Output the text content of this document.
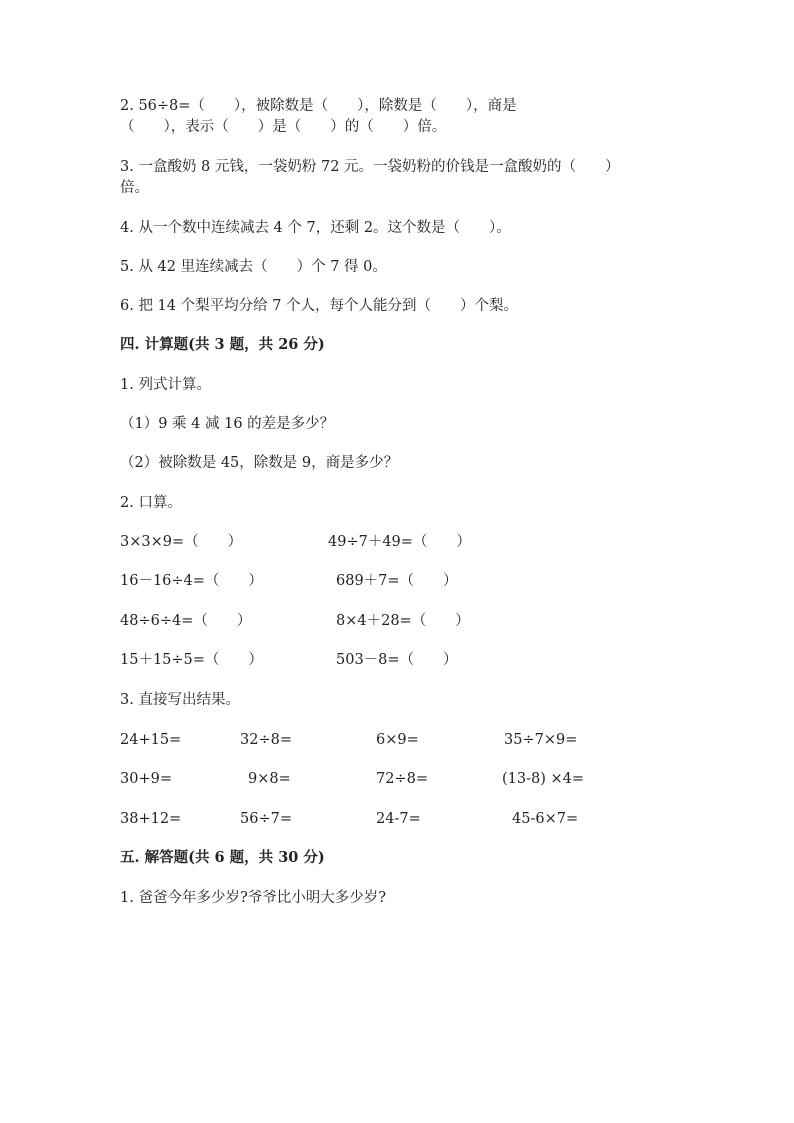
2. 56÷8=（　　），被除数是（　　），除数是（　　），商是
（　　），表示（　　）是（　　）的（　　）倍。
3. 一盒酸奶 8 元钱，一袋奶粉 72 元。一袋奶粉的价钱是一盒酸奶的（　　）
倍。
4. 从一个数中连续减去 4 个 7，还剩 2。这个数是（　　）。
5. 从 42 里连续减去（　　）个 7 得 0。
6. 把 14 个梨平均分给 7 个人，每个人能分到（　　）个梨。
四. 计算题(共 3 题，共 26 分)
1. 列式计算。
（1）9 乘 4 减 16 的差是多少？
（2）被除数是 45，除数是 9，商是多少？
2. 口算。
3×3×9=（　　）	49÷7＋49=（　　）
16－16÷4=（　　）	689＋7=（　　）
48÷6÷4=（　　）	8×4＋28=（　　）
15＋15÷5=（　　）	503－8=（　　）
3. 直接写出结果。
24+15=	32÷8=	6×9=	35÷7×9=
30+9=	9×8=	72÷8=	(13-8) ×4=
38+12=	56÷7=	24-7=	45-6×7=
五. 解答题(共 6 题，共 30 分)
1. 爸爸今年多少岁?爷爷比小明大多少岁?
